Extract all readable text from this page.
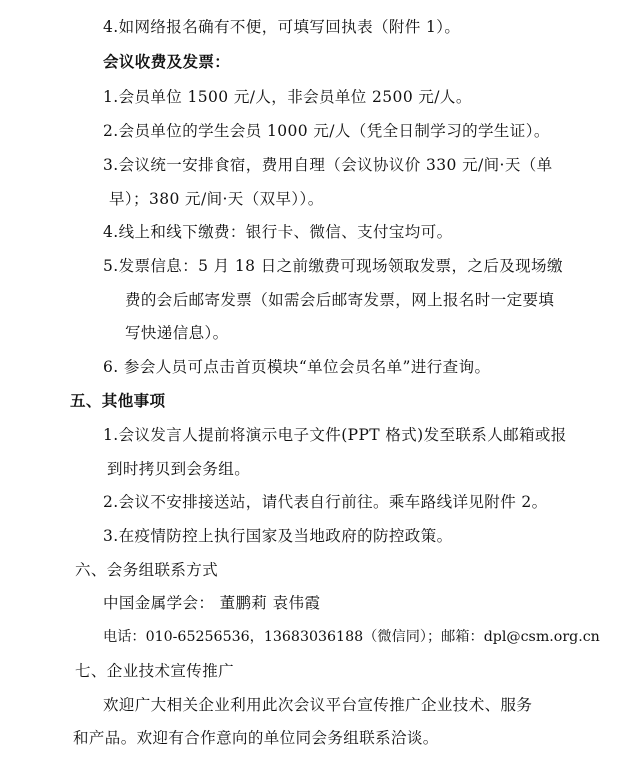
4.如网络报名确有不便，可填写回执表（附件 1）。
会议收费及发票：
1.会员单位 1500 元/人，非会员单位 2500 元/人。
2.会员单位的学生会员 1000 元/人（凭全日制学习的学生证）。
3.会议统一安排食宿，费用自理（会议协议价 330 元/间·天（单
早）；380 元/间·天（双早））。
4.线上和线下缴费：银行卡、微信、支付宝均可。
5.发票信息：5 月 18 日之前缴费可现场领取发票，之后及现场缴
费的会后邮寄发票（如需会后邮寄发票，网上报名时一定要填
写快递信息）。
6. 参会人员可点击首页模块“单位会员名单”进行查询。
五、其他事项
1.会议发言人提前将演示电子文件(PPT 格式)发至联系人邮箱或报
到时拷贝到会务组。
2.会议不安排接送站，请代表自行前往。乘车路线详见附件 2。
3.在疫情防控上执行国家及当地政府的防控政策。
六、会务组联系方式
中国金属学会： 董鹏莉 袁伟霞
电话：010-65256536，13683036188（微信同）；邮箱：dpl@csm.org.cn
七、企业技术宣传推广
欢迎广大相关企业利用此次会议平台宣传推广企业技术、服务
和产品。欢迎有合作意向的单位同会务组联系洽谈。
